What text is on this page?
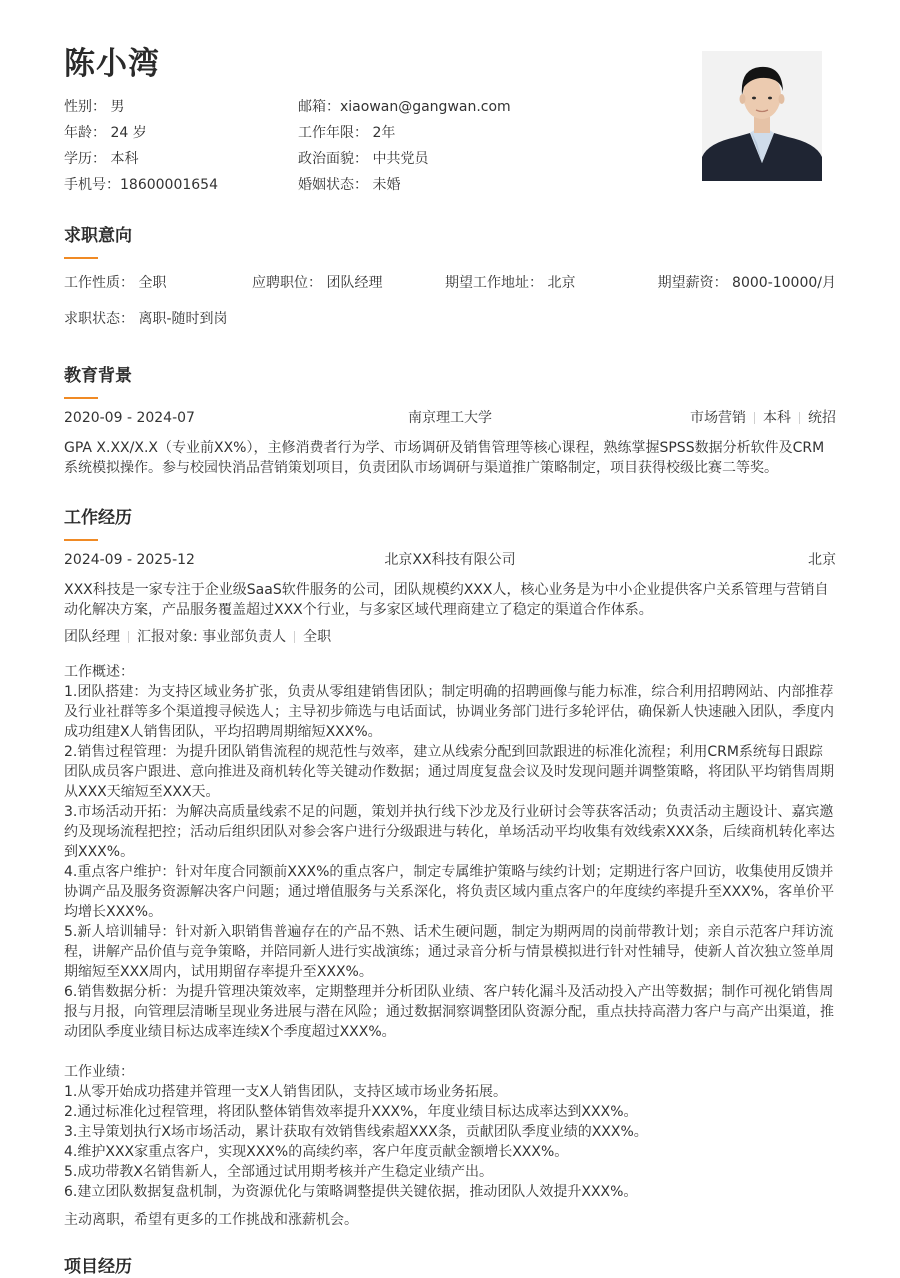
陈小湾
性别： 男	邮箱：xiaowan@gangwan.com
年龄： 24 岁	工作年限： 2年
学历： 本科	政治面貌： 中共党员
手机号：18600001654	婚姻状态： 未婚
求职意向
工作性质： 全职	应聘职位： 团队经理	期望工作地址： 北京	期望薪资： 8000-10000/月
求职状态： 离职-随时到岗
教育背景
2020-09 - 2024-07	南京理工大学	市场营销 本科 统招
GPA X.XX/X.X（专业前XX%），主修消费者行为学、市场调研及销售管理等核心课程，熟练掌握SPSS数据分析软件及CRM系统模拟操作。参与校园快消品营销策划项目，负责团队市场调研与渠道推广策略制定，项目获得校级比赛二等奖。
工作经历
2024-09 - 2025-12	北京XX科技有限公司	北京
XXX科技是一家专注于企业级SaaS软件服务的公司，团队规模约XXX人，核心业务是为中小企业提供客户关系管理与营销自动化解决方案，产品服务覆盖超过XXX个行业，与多家区域代理商建立了稳定的渠道合作体系。
团队经理 汇报对象: 事业部负责人 全职
工作概述：
1.团队搭建：为支持区域业务扩张，负责从零组建销售团队；制定明确的招聘画像与能力标准，综合利用招聘网站、内部推荐及行业社群等多个渠道搜寻候选人；主导初步筛选与电话面试，协调业务部门进行多轮评估，确保新人快速融入团队，季度内成功组建X人销售团队，平均招聘周期缩短XXX%。
2.销售过程管理：为提升团队销售流程的规范性与效率，建立从线索分配到回款跟进的标准化流程；利用CRM系统每日跟踪团队成员客户跟进、意向推进及商机转化等关键动作数据；通过周度复盘会议及时发现问题并调整策略，将团队平均销售周期从XXX天缩短至XXX天。
3.市场活动开拓：为解决高质量线索不足的问题，策划并执行线下沙龙及行业研讨会等获客活动；负责活动主题设计、嘉宾邀约及现场流程把控；活动后组织团队对参会客户进行分级跟进与转化，单场活动平均收集有效线索XXX条，后续商机转化率达到XXX%。
4.重点客户维护：针对年度合同额前XXX%的重点客户，制定专属维护策略与续约计划；定期进行客户回访，收集使用反馈并协调产品及服务资源解决客户问题；通过增值服务与关系深化，将负责区域内重点客户的年度续约率提升至XXX%，客单价平均增长XXX%。
5.新人培训辅导：针对新入职销售普遍存在的产品不熟、话术生硬问题，制定为期两周的岗前带教计划；亲自示范客户拜访流程，讲解产品价值与竞争策略，并陪同新人进行实战演练；通过录音分析与情景模拟进行针对性辅导，使新人首次独立签单周期缩短至XXX周内，试用期留存率提升至XXX%。
6.销售数据分析：为提升管理决策效率，定期整理并分析团队业绩、客户转化漏斗及活动投入产出等数据；制作可视化销售周报与月报，向管理层清晰呈现业务进展与潜在风险；通过数据洞察调整团队资源分配，重点扶持高潜力客户与高产出渠道，推动团队季度业绩目标达成率连续X个季度超过XXX%。
工作业绩：
1.从零开始成功搭建并管理一支X人销售团队，支持区域市场业务拓展。
2.通过标准化过程管理，将团队整体销售效率提升XXX%，年度业绩目标达成率达到XXX%。
3.主导策划执行X场市场活动，累计获取有效销售线索超XXX条，贡献团队季度业绩的XXX%。
4.维护XXX家重点客户，实现XXX%的高续约率，客户年度贡献金额增长XXX%。
5.成功带教X名销售新人，全部通过试用期考核并产生稳定业绩产出。
6.建立团队数据复盘机制，为资源优化与策略调整提供关键依据，推动团队人效提升XXX%。
主动离职，希望有更多的工作挑战和涨薪机会。
项目经历
